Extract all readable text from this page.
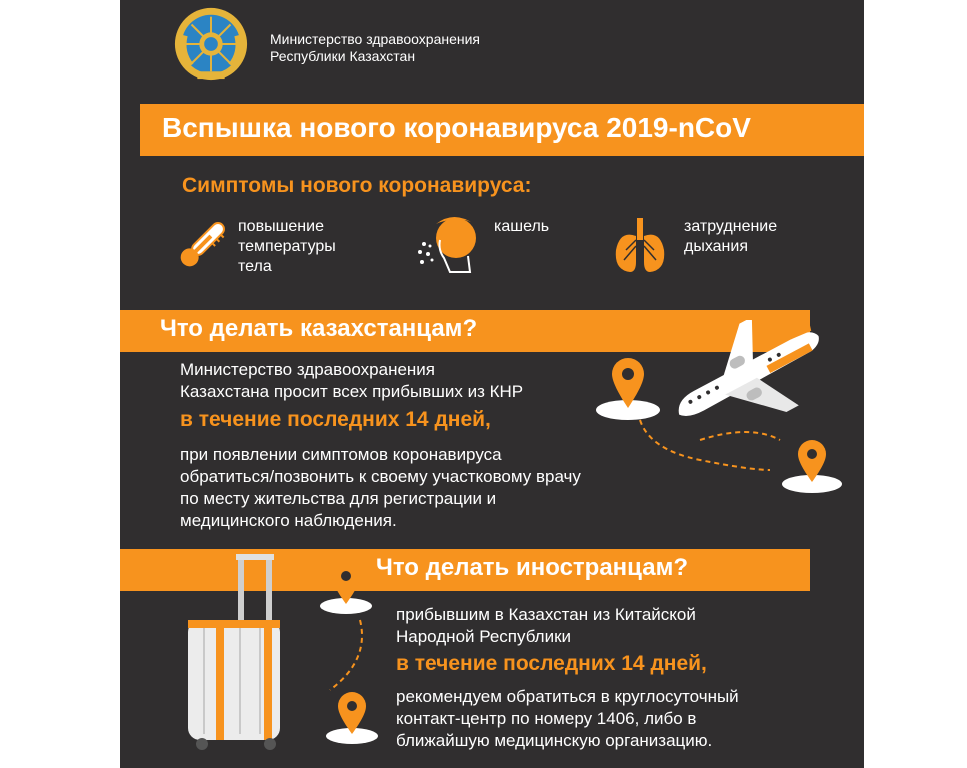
Министерство здравоохранения
Республики Казахстан
Вспышка нового коронавируса 2019-nCoV
Симптомы нового коронавируса:
повышение
температуры
тела
кашель	затруднение
дыхания
Что делать казахстанцам?
Министерство здравоохранения
Казахстана просит всех прибывших из КНР
в течение последних 14 дней,
при появлении симптомов коронавируса
обратиться/позвонить к своему участковому врачу
по месту жительства для регистрации и
медицинского наблюдения.
Что делать иностранцам?
прибывшим в Казахстан из Китайской
Народной Республики
в течение последних 14 дней,
рекомендуем обратиться в круглосуточный
контакт-центр по номеру 1406, либо в
ближайшую медицинскую организацию.
